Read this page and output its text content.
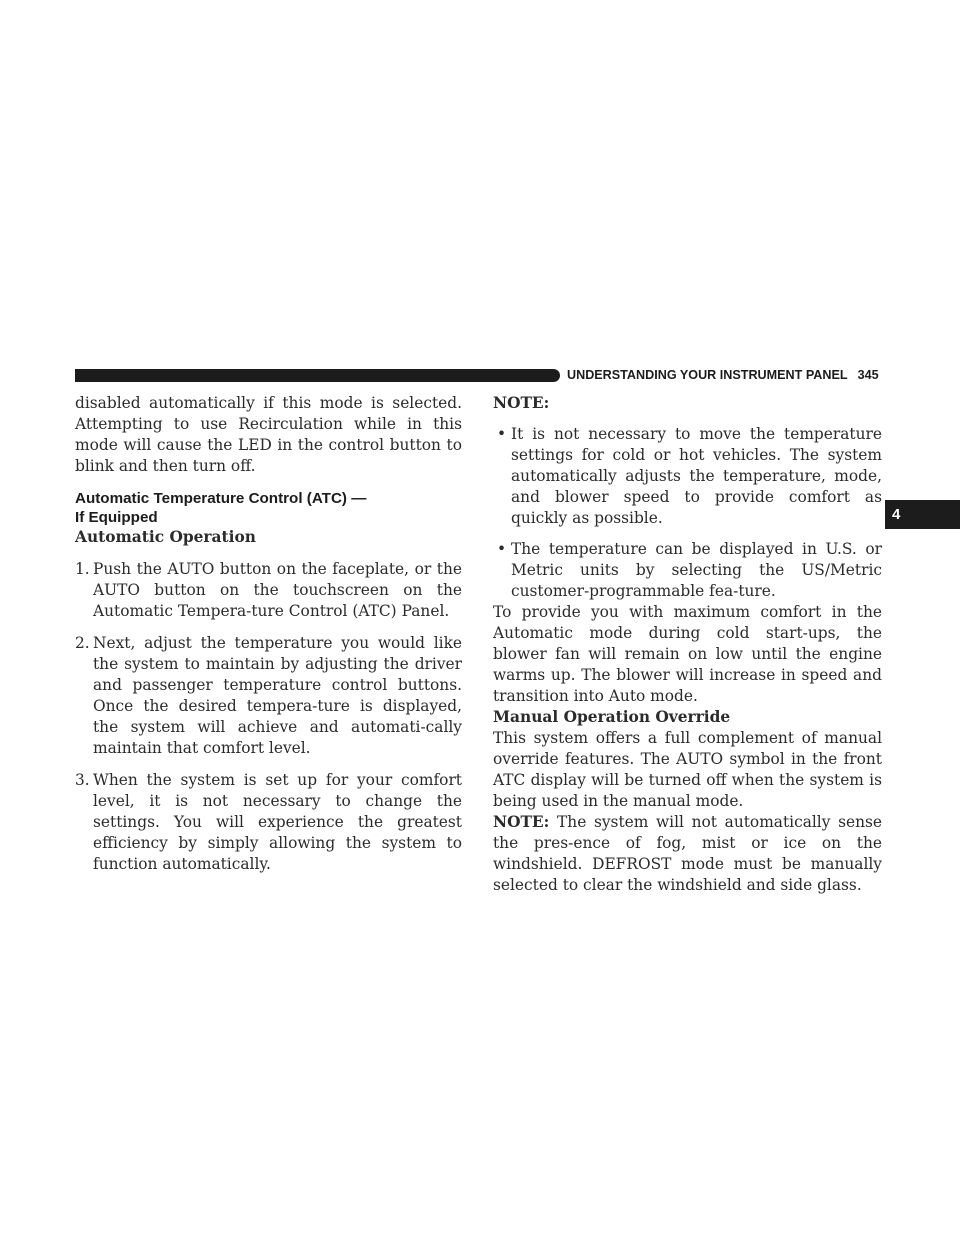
UNDERSTANDING YOUR INSTRUMENT PANEL 345
4

disabled automatically if this mode is selected. Attempting to use Recirculation while in this mode will cause the LED in the control button to blink and then turn off.

Automatic Temperature Control (ATC) —
If Equipped

Automatic Operation

1. Push the AUTO button on the faceplate, or the AUTO button on the touchscreen on the Automatic Tempera-ture Control (ATC) Panel.
2. Next, adjust the temperature you would like the system to maintain by adjusting the driver and passenger temperature control buttons. Once the desired tempera-ture is displayed, the system will achieve and automati-cally maintain that comfort level.
3. When the system is set up for your comfort level, it is not necessary to change the settings. You will experience the greatest efficiency by simply allowing the system to function automatically.

NOTE:

• It is not necessary to move the temperature settings for cold or hot vehicles. The system automatically adjusts the temperature, mode, and blower speed to provide comfort as quickly as possible.
• The temperature can be displayed in U.S. or Metric units by selecting the US/Metric customer-programmable fea-ture.

To provide you with maximum comfort in the Automatic mode during cold start-ups, the blower fan will remain on low until the engine warms up. The blower will increase in speed and transition into Auto mode.

Manual Operation Override

This system offers a full complement of manual override features. The AUTO symbol in the front ATC display will be turned off when the system is being used in the manual mode.

NOTE: The system will not automatically sense the pres-ence of fog, mist or ice on the windshield. DEFROST mode must be manually selected to clear the windshield and side glass.
